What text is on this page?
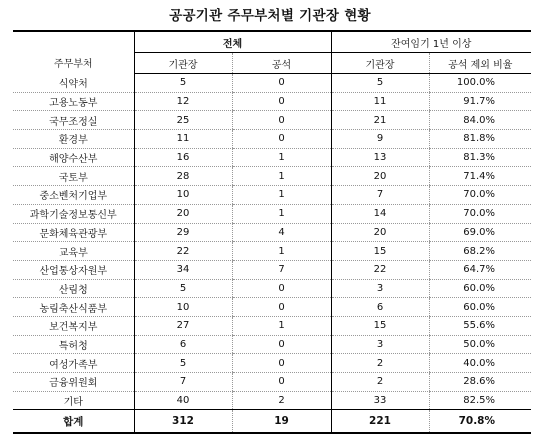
공공기관 주무부처별 기관장 현황
주무부처	전체		잔여임기 1년 이상	
	기관장	공석	기관장	공석 제외 비율
식약처	5	0	5	100.0%
고용노동부	12	0	11	91.7%
국무조정실	25	0	21	84.0%
환경부	11	0	9	81.8%
해양수산부	16	1	13	81.3%
국토부	28	1	20	71.4%
중소벤처기업부	10	1	7	70.0%
과학기술정보통신부	20	1	14	70.0%
문화체육관광부	29	4	20	69.0%
교육부	22	1	15	68.2%
산업통상자원부	34	7	22	64.7%
산림청	5	0	3	60.0%
농림축산식품부	10	0	6	60.0%
보건복지부	27	1	15	55.6%
특허청	6	0	3	50.0%
여성가족부	5	0	2	40.0%
금융위원회	7	0	2	28.6%
기타	40	2	33	82.5%
합계	312	19	221	70.8%
